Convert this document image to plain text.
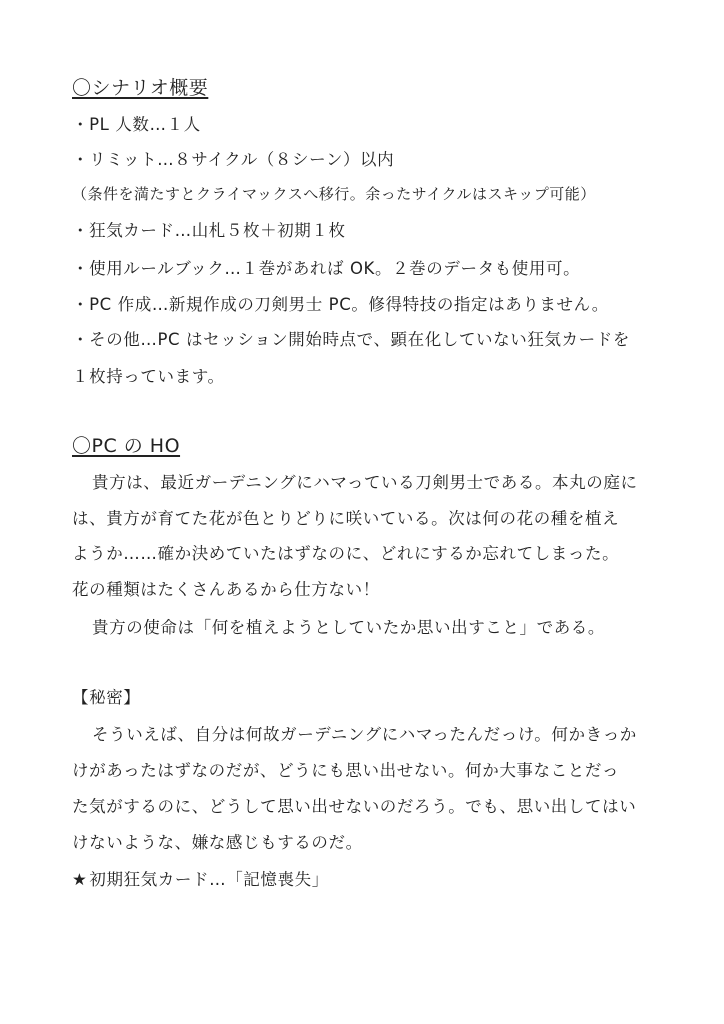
〇シナリオ概要
・PL 人数…１人
・リミット…８サイクル（８シーン）以内
（条件を満たすとクライマックスへ移行。余ったサイクルはスキップ可能）
・狂気カード…山札５枚＋初期１枚
・使用ルールブック…１巻があれば OK。２巻のデータも使用可。
・PC 作成…新規作成の刀剣男士 PC。修得特技の指定はありません。
・その他…PC はセッション開始時点で、顕在化していない狂気カードを
１枚持っています。
〇PC の HO
貴方は、最近ガーデニングにハマっている刀剣男士である。本丸の庭に
は、貴方が育てた花が色とりどりに咲いている。次は何の花の種を植え
ようか……確か決めていたはずなのに、どれにするか忘れてしまった。
花の種類はたくさんあるから仕方ない！
貴方の使命は「何を植えようとしていたか思い出すこと」である。
【秘密】
そういえば、自分は何故ガーデニングにハマったんだっけ。何かきっか
けがあったはずなのだが、どうにも思い出せない。何か大事なことだっ
た気がするのに、どうして思い出せないのだろう。でも、思い出してはい
けないような、嫌な感じもするのだ。
★ 初期狂気カード…「記憶喪失」
